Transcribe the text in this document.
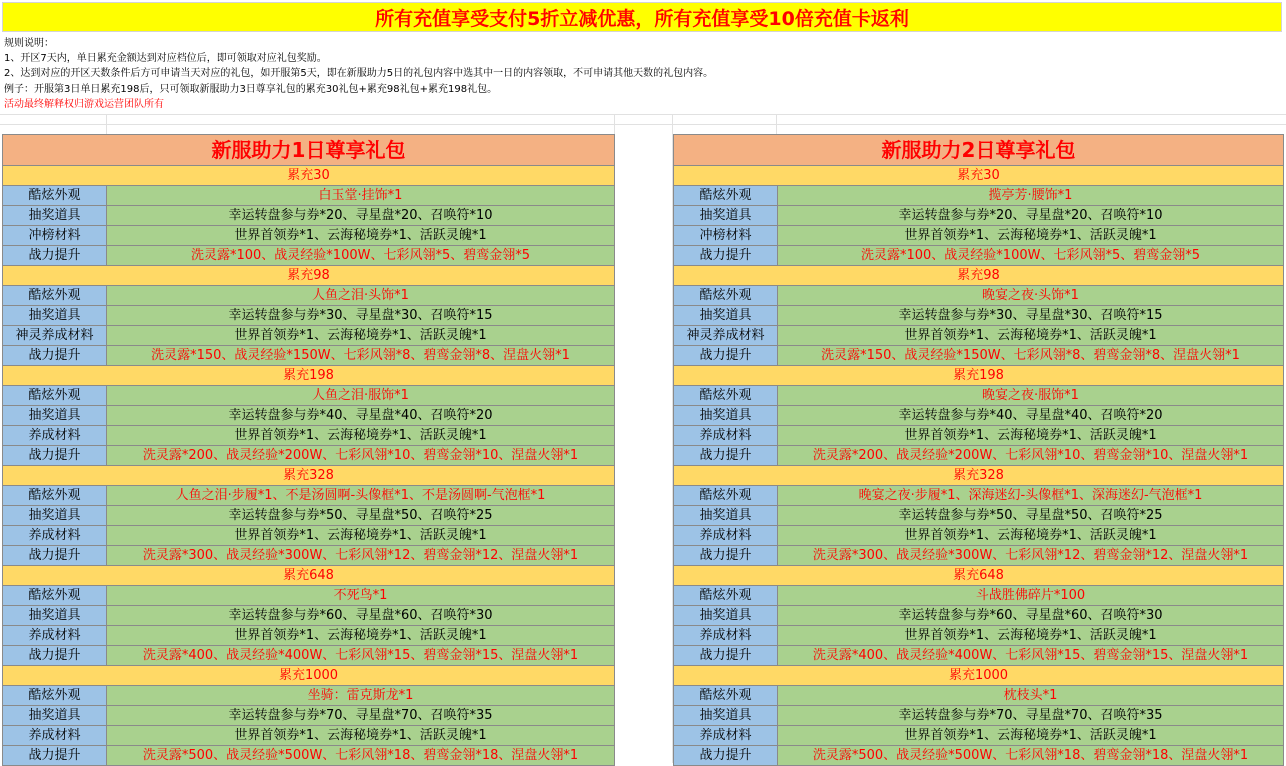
所有充值享受支付5折立减优惠，所有充值享受10倍充值卡返利
规则说明：
1、开区7天内，单日累充金额达到对应档位后，即可领取对应礼包奖励。
2、达到对应的开区天数条件后方可申请当天对应的礼包，如开服第5天，即在新服助力5日的礼包内容中选其中一日的内容领取，不可申请其他天数的礼包内容。
例子：开服第3日单日累充198后，只可领取新服助力3日尊享礼包的累充30礼包+累充98礼包+累充198礼包。
活动最终解释权归游戏运营团队所有
新服助力1日尊享礼包	
累充30	
酷炫外观	白玉堂·挂饰*1
抽奖道具	幸运转盘参与券*20、寻星盘*20、召唤符*10
冲榜材料	世界首领券*1、云海秘境券*1、活跃灵魄*1
战力提升	洗灵露*100、战灵经验*100W、七彩风翎*5、碧鸾金翎*5
累充98	
酷炫外观	人鱼之泪·头饰*1
抽奖道具	幸运转盘参与券*30、寻星盘*30、召唤符*15
神灵养成材料	世界首领券*1、云海秘境券*1、活跃灵魄*1
战力提升	洗灵露*150、战灵经验*150W、七彩风翎*8、碧鸾金翎*8、涅盘火翎*1
累充198	
酷炫外观	人鱼之泪·服饰*1
抽奖道具	幸运转盘参与券*40、寻星盘*40、召唤符*20
养成材料	世界首领券*1、云海秘境券*1、活跃灵魄*1
战力提升	洗灵露*200、战灵经验*200W、七彩风翎*10、碧鸾金翎*10、涅盘火翎*1
累充328	
酷炫外观	人鱼之泪·步履*1、不是汤圆啊-头像框*1、不是汤圆啊-气泡框*1
抽奖道具	幸运转盘参与券*50、寻星盘*50、召唤符*25
养成材料	世界首领券*1、云海秘境券*1、活跃灵魄*1
战力提升	洗灵露*300、战灵经验*300W、七彩风翎*12、碧鸾金翎*12、涅盘火翎*1
累充648	
酷炫外观	不死鸟*1
抽奖道具	幸运转盘参与券*60、寻星盘*60、召唤符*30
养成材料	世界首领券*1、云海秘境券*1、活跃灵魄*1
战力提升	洗灵露*400、战灵经验*400W、七彩风翎*15、碧鸾金翎*15、涅盘火翎*1
累充1000	
酷炫外观	坐骑：雷克斯龙*1
抽奖道具	幸运转盘参与券*70、寻星盘*70、召唤符*35
养成材料	世界首领券*1、云海秘境券*1、活跃灵魄*1
战力提升	洗灵露*500、战灵经验*500W、七彩风翎*18、碧鸾金翎*18、涅盘火翎*1
新服助力2日尊享礼包	
累充30	
酷炫外观	揽亭芳·腰饰*1
抽奖道具	幸运转盘参与券*20、寻星盘*20、召唤符*10
冲榜材料	世界首领券*1、云海秘境券*1、活跃灵魄*1
战力提升	洗灵露*100、战灵经验*100W、七彩风翎*5、碧鸾金翎*5
累充98	
酷炫外观	晚宴之夜·头饰*1
抽奖道具	幸运转盘参与券*30、寻星盘*30、召唤符*15
神灵养成材料	世界首领券*1、云海秘境券*1、活跃灵魄*1
战力提升	洗灵露*150、战灵经验*150W、七彩风翎*8、碧鸾金翎*8、涅盘火翎*1
累充198	
酷炫外观	晚宴之夜·服饰*1
抽奖道具	幸运转盘参与券*40、寻星盘*40、召唤符*20
养成材料	世界首领券*1、云海秘境券*1、活跃灵魄*1
战力提升	洗灵露*200、战灵经验*200W、七彩风翎*10、碧鸾金翎*10、涅盘火翎*1
累充328	
酷炫外观	晚宴之夜·步履*1、深海迷幻-头像框*1、深海迷幻-气泡框*1
抽奖道具	幸运转盘参与券*50、寻星盘*50、召唤符*25
养成材料	世界首领券*1、云海秘境券*1、活跃灵魄*1
战力提升	洗灵露*300、战灵经验*300W、七彩风翎*12、碧鸾金翎*12、涅盘火翎*1
累充648	
酷炫外观	斗战胜佛碎片*100
抽奖道具	幸运转盘参与券*60、寻星盘*60、召唤符*30
养成材料	世界首领券*1、云海秘境券*1、活跃灵魄*1
战力提升	洗灵露*400、战灵经验*400W、七彩风翎*15、碧鸾金翎*15、涅盘火翎*1
累充1000	
酷炫外观	枕枝头*1
抽奖道具	幸运转盘参与券*70、寻星盘*70、召唤符*35
养成材料	世界首领券*1、云海秘境券*1、活跃灵魄*1
战力提升	洗灵露*500、战灵经验*500W、七彩风翎*18、碧鸾金翎*18、涅盘火翎*1
